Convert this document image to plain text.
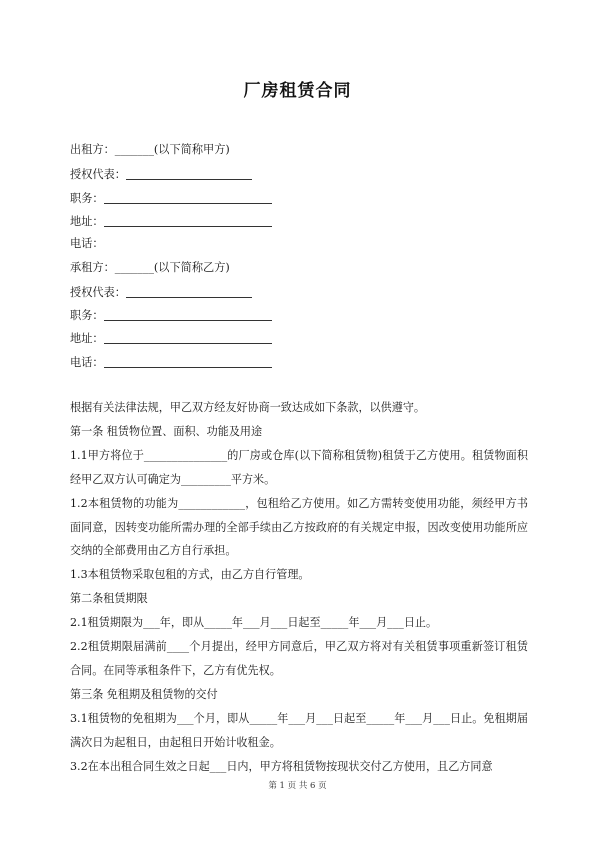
厂房租赁合同
出租方：_______(以下简称甲方)
授权代表：
职务：
地址：
电话：
承租方：_______(以下简称乙方)
授权代表：
职务：
地址：
电话：

根据有关法律法规，甲乙双方经友好协商一致达成如下条款，以供遵守。

第一条 租赁物位置、面积、功能及用途

1.1甲方将位于_______________的厂房或仓库(以下简称租赁物)租赁于乙方使用。租赁物面积经甲乙双方认可确定为_________平方米。

1.2本租赁物的功能为____________，包租给乙方使用。如乙方需转变使用功能，须经甲方书面同意，因转变功能所需办理的全部手续由乙方按政府的有关规定申报，因改变使用功能所应交纳的全部费用由乙方自行承担。

1.3本租赁物采取包租的方式，由乙方自行管理。

第二条租赁期限

2.1租赁期限为___年，即从_____年___月___日起至_____年___月___日止。

2.2租赁期限届满前____个月提出，经甲方同意后，甲乙双方将对有关租赁事项重新签订租赁合同。在同等承租条件下，乙方有优先权。

第三条 免租期及租赁物的交付

3.1租赁物的免租期为___个月，即从_____年___月___日起至_____年___月___日止。免租期届满次日为起租日，由起租日开始计收租金。

3.2在本出租合同生效之日起___日内，甲方将租赁物按现状交付乙方使用，且乙方同意

第 1 页 共 6 页
